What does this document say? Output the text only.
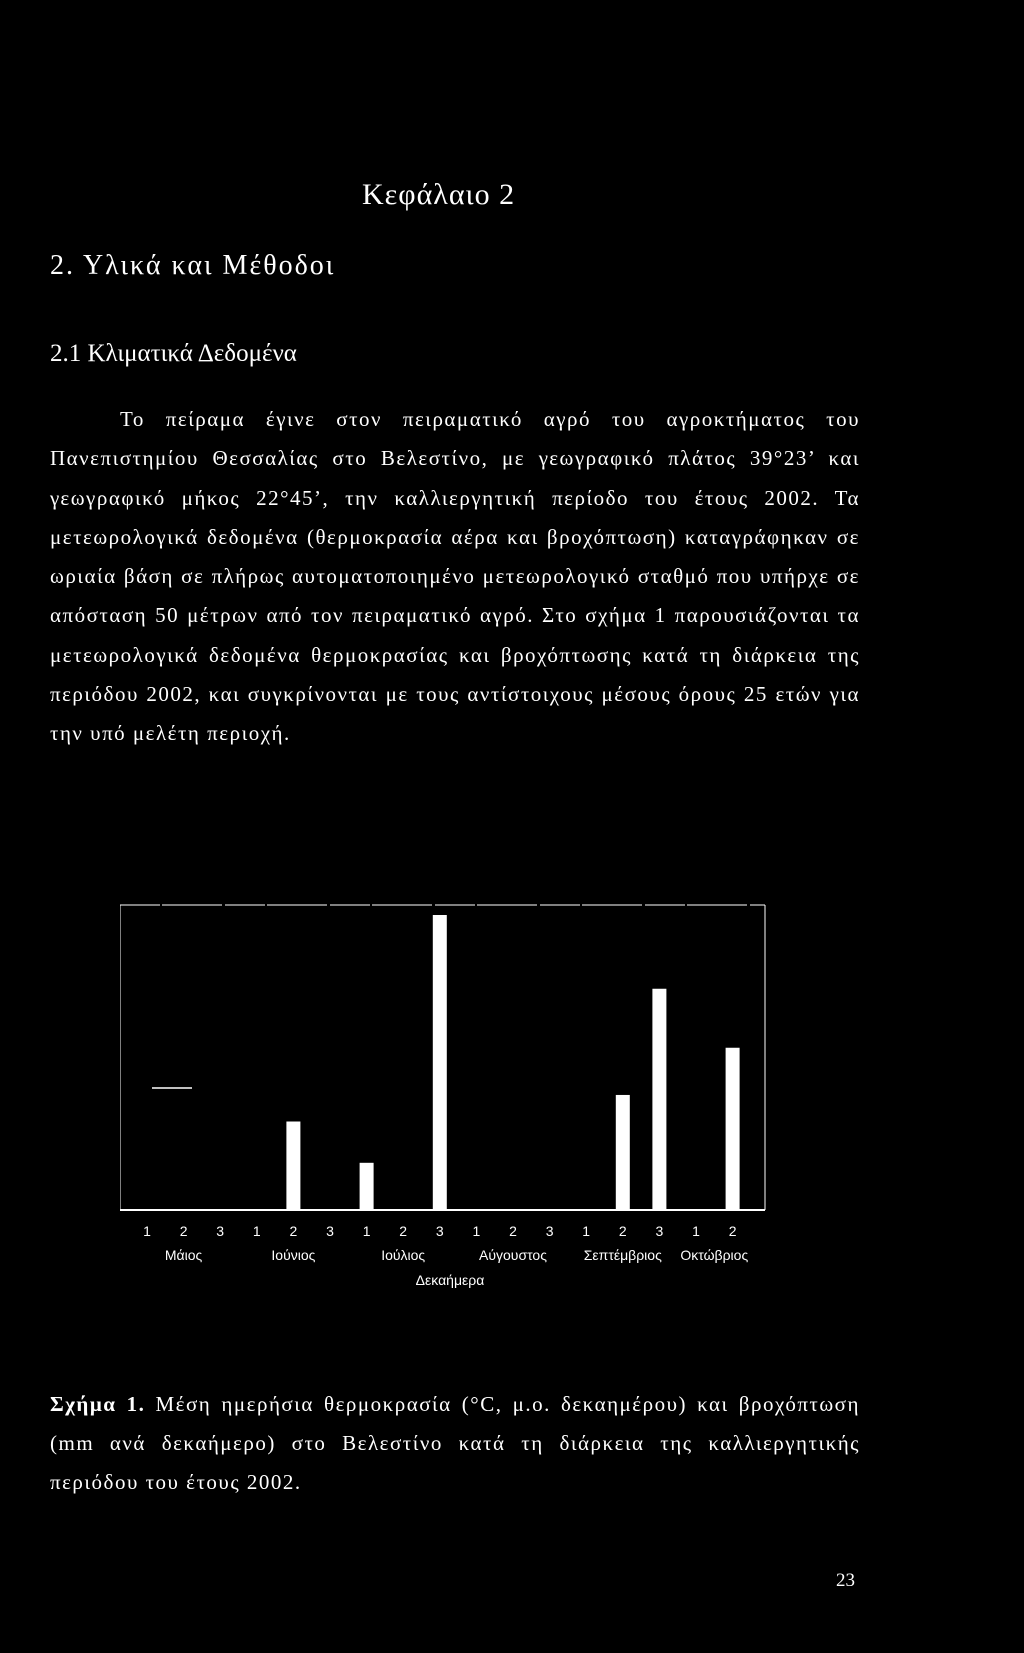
Κεφάλαιο 2
2. Υλικά και Μέθοδοι
2.1 Κλιματικά Δεδομένα
Το πείραμα έγινε στον πειραματικό αγρό του αγροκτήματος του Πανεπιστημίου Θεσσαλίας στο Βελεστίνο, με γεωγραφικό πλάτος 39°23’ και γεωγραφικό μήκος 22°45’, την καλλιεργητική περίοδο του έτους 2002. Τα μετεωρολογικά δεδομένα (θερμοκρασία αέρα και βροχόπτωση) καταγράφηκαν σε ωριαία βάση σε πλήρως αυτοματοποιημένο μετεωρολογικό σταθμό που υπήρχε σε απόσταση 50 μέτρων από τον πειραματικό αγρό. Στο σχήμα 1 παρουσιάζονται τα μετεωρολογικά δεδομένα θερμοκρασίας και βροχόπτωσης κατά τη διάρκεια της περιόδου 2002, και συγκρίνονται με τους αντίστοιχους μέσους όρους 25 ετών για την υπό μελέτη περιοχή.
1 2 3 1 2 3 1 2 3 1 2 3 1 2 3 1 2
Μάιος	Ιούνιος	Ιούλιος	Αύγουστος	Σεπτέμβριος Οκτώβριος
Δεκαήμερα
Σχήμα 1. Μέση ημερήσια θερμοκρασία (°C, μ.ο. δεκαημέρου) και βροχόπτωση (mm ανά δεκαήμερο) στο Βελεστίνο κατά τη διάρκεια της καλλιεργητικής περιόδου του έτους 2002.
23
